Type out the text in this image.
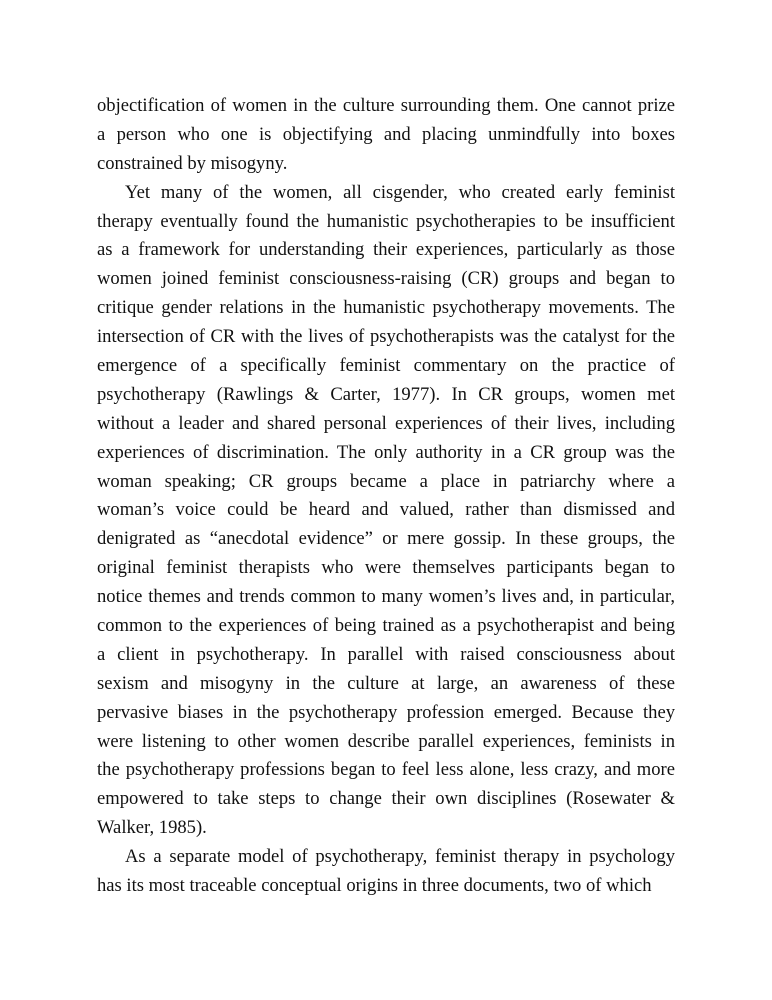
objectification of women in the culture surrounding them. One cannot prize
a person who one is objectifying and placing unmindfully into boxes
constrained by misogyny.
Yet many of the women, all cisgender, who created early feminist
therapy eventually found the humanistic psychotherapies to be insufficient
as a framework for understanding their experiences, particularly as those
women joined feminist consciousness-raising (CR) groups and began to
critique gender relations in the humanistic psychotherapy movements. The
intersection of CR with the lives of psychotherapists was the catalyst for the
emergence of a specifically feminist commentary on the practice of
psychotherapy (Rawlings & Carter, 1977). In CR groups, women met
without a leader and shared personal experiences of their lives, including
experiences of discrimination. The only authority in a CR group was the
woman speaking; CR groups became a place in patriarchy where a
woman’s voice could be heard and valued, rather than dismissed and
denigrated as “anecdotal evidence” or mere gossip. In these groups, the
original feminist therapists who were themselves participants began to
notice themes and trends common to many women’s lives and, in particular,
common to the experiences of being trained as a psychotherapist and being
a client in psychotherapy. In parallel with raised consciousness about
sexism and misogyny in the culture at large, an awareness of these
pervasive biases in the psychotherapy profession emerged. Because they
were listening to other women describe parallel experiences, feminists in
the psychotherapy professions began to feel less alone, less crazy, and more
empowered to take steps to change their own disciplines (Rosewater &
Walker, 1985).
As a separate model of psychotherapy, feminist therapy in psychology
has its most traceable conceptual origins in three documents, two of which
